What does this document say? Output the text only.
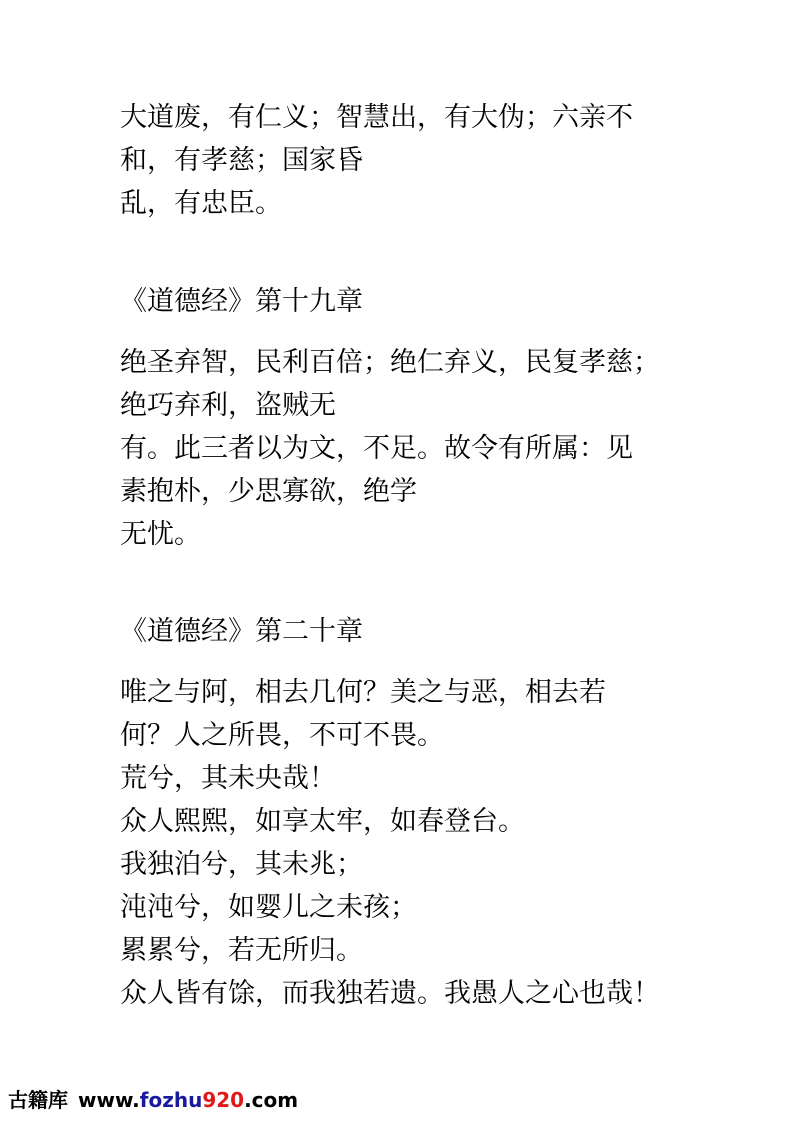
大道废，有仁义；智慧出，有大伪；六亲不
和，有孝慈；国家昏
乱，有忠臣。
《道德经》第十九章
绝圣弃智，民利百倍；绝仁弃义，民复孝慈；
绝巧弃利，盗贼无
有。此三者以为文，不足。故令有所属：见
素抱朴，少思寡欲，绝学
无忧。
《道德经》第二十章
唯之与阿，相去几何？美之与恶，相去若
何？人之所畏，不可不畏。
荒兮，其未央哉！
众人熙熙，如享太牢，如春登台。
我独泊兮，其未兆；
沌沌兮，如婴儿之未孩；
累累兮，若无所归。
众人皆有馀，而我独若遗。我愚人之心也哉！
古籍库 www.fozhu920.com
